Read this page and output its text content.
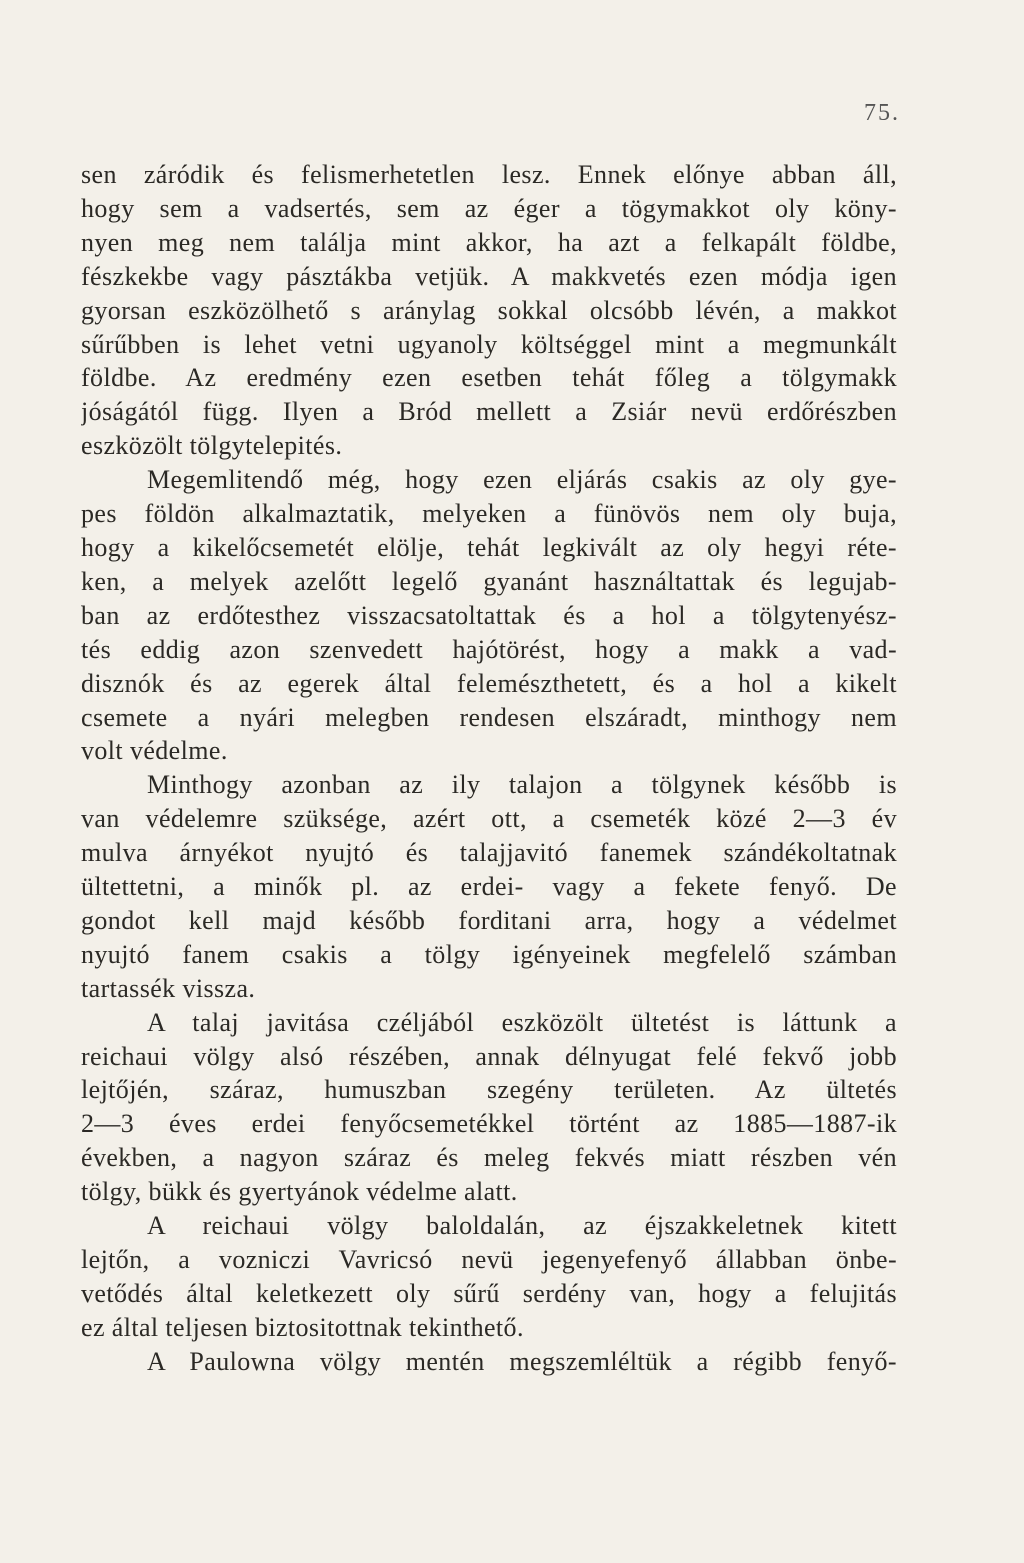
75.

sen záródik és felismerhetetlen lesz. Ennek előnye abban áll,
hogy sem a vadsertés, sem az éger a tögymakkot oly köny-
nyen meg nem találja mint akkor, ha azt a felkapált földbe,
fészkekbe vagy pásztákba vetjük. A makkvetés ezen módja igen
gyorsan eszközölhető s aránylag sokkal olcsóbb lévén, a makkot
sűrűbben is lehet vetni ugyanoly költséggel mint a megmunkált
földbe. Az eredmény ezen esetben tehát főleg a tölgymakk
jóságától függ. Ilyen a Bród mellett a Zsiár nevü erdőrészben
eszközölt tölgytelepités.

Megemlitendő még, hogy ezen eljárás csakis az oly gye-
pes földön alkalmaztatik, melyeken a fünövös nem oly buja,
hogy a kikelőcsemetét elölje, tehát legkivált az oly hegyi réte-
ken, a melyek azelőtt legelő gyanánt használtattak és legujab-
ban az erdőtesthez visszacsatoltattak és a hol a tölgytenyész-
tés eddig azon szenvedett hajótörést, hogy a makk a vad-
disznók és az egerek által felemészthetett, és a hol a kikelt
csemete a nyári melegben rendesen elszáradt, minthogy nem
volt védelme.

Minthogy azonban az ily talajon a tölgynek később is
van védelemre szüksége, azért ott, a csemeték közé 2—3 év
mulva árnyékot nyujtó és talajjavitó fanemek szándékoltatnak
ültettetni, a minők pl. az erdei- vagy a fekete fenyő. De
gondot kell majd később forditani arra, hogy a védelmet
nyujtó fanem csakis a tölgy igényeinek megfelelő számban
tartassék vissza.

A talaj javitása czéljából eszközölt ültetést is láttunk a
reichaui völgy alsó részében, annak délnyugat felé fekvő jobb
lejtőjén, száraz, humuszban szegény területen. Az ültetés
2—3 éves erdei fenyőcsemetékkel történt az 1885—1887-ik
években, a nagyon száraz és meleg fekvés miatt részben vén
tölgy, bükk és gyertyánok védelme alatt.

A reichaui völgy baloldalán, az éjszakkeletnek kitett
lejtőn, a vozniczi Vavricsó nevü jegenyefenyő állabban önbe-
vetődés által keletkezett oly sűrű serdény van, hogy a felujitás
ez által teljesen biztositottnak tekinthető.

A Paulowna völgy mentén megszemléltük a régibb fenyő-
